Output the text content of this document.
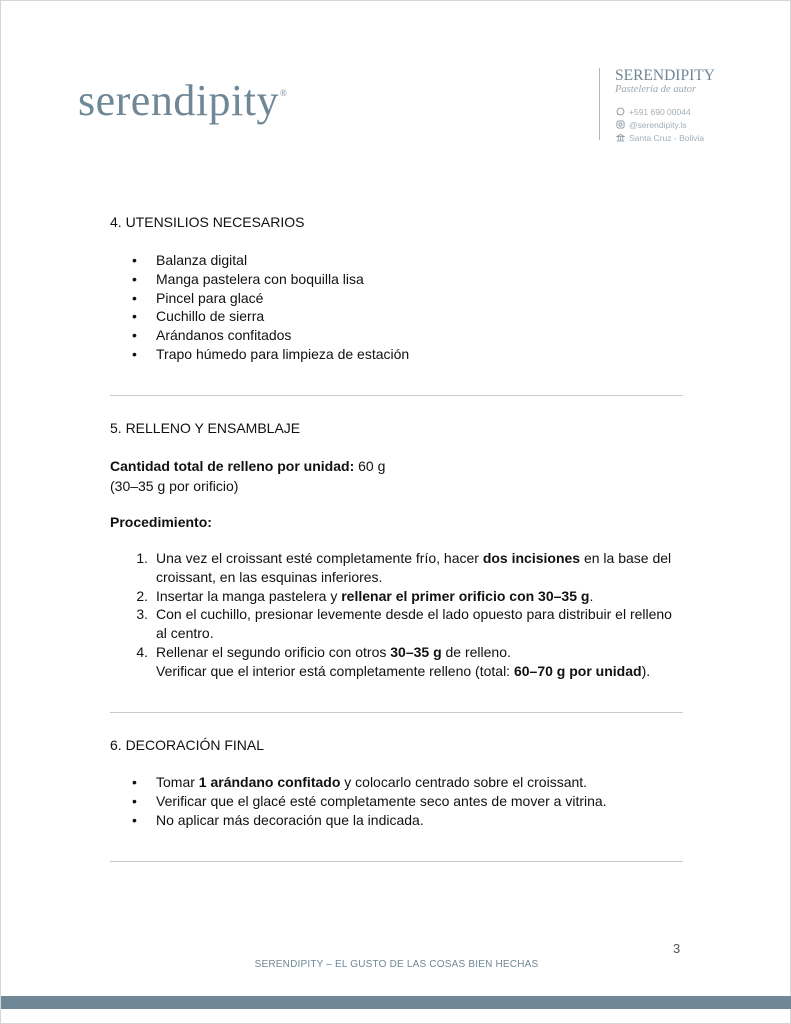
serendipity®
SERENDIPITY
Pastelería de autor
+591 690 00044
@serendipity.ls
Santa Cruz - Bolivia
4. UTENSILIOS NECESARIOS
• Balanza digital
• Manga pastelera con boquilla lisa
• Pincel para glacé
• Cuchillo de sierra
• Arándanos confitados
• Trapo húmedo para limpieza de estación
5. RELLENO Y ENSAMBLAJE

Cantidad total de relleno por unidad: 60 g
(30–35 g por orificio)

Procedimiento:

1. Una vez el croissant esté completamente frío, hacer dos incisiones en la base del croissant, en las esquinas inferiores.
2. Insertar la manga pastelera y rellenar el primer orificio con 30–35 g.
3. Con el cuchillo, presionar levemente desde el lado opuesto para distribuir el relleno al centro.
4. Rellenar el segundo orificio con otros 30–35 g de relleno.
Verificar que el interior está completamente relleno (total: 60–70 g por unidad).
6. DECORACIÓN FINAL
• Tomar 1 arándano confitado y colocarlo centrado sobre el croissant.
• Verificar que el glacé esté completamente seco antes de mover a vitrina.
• No aplicar más decoración que la indicada.
3
SERENDIPITY – EL GUSTO DE LAS COSAS BIEN HECHAS
